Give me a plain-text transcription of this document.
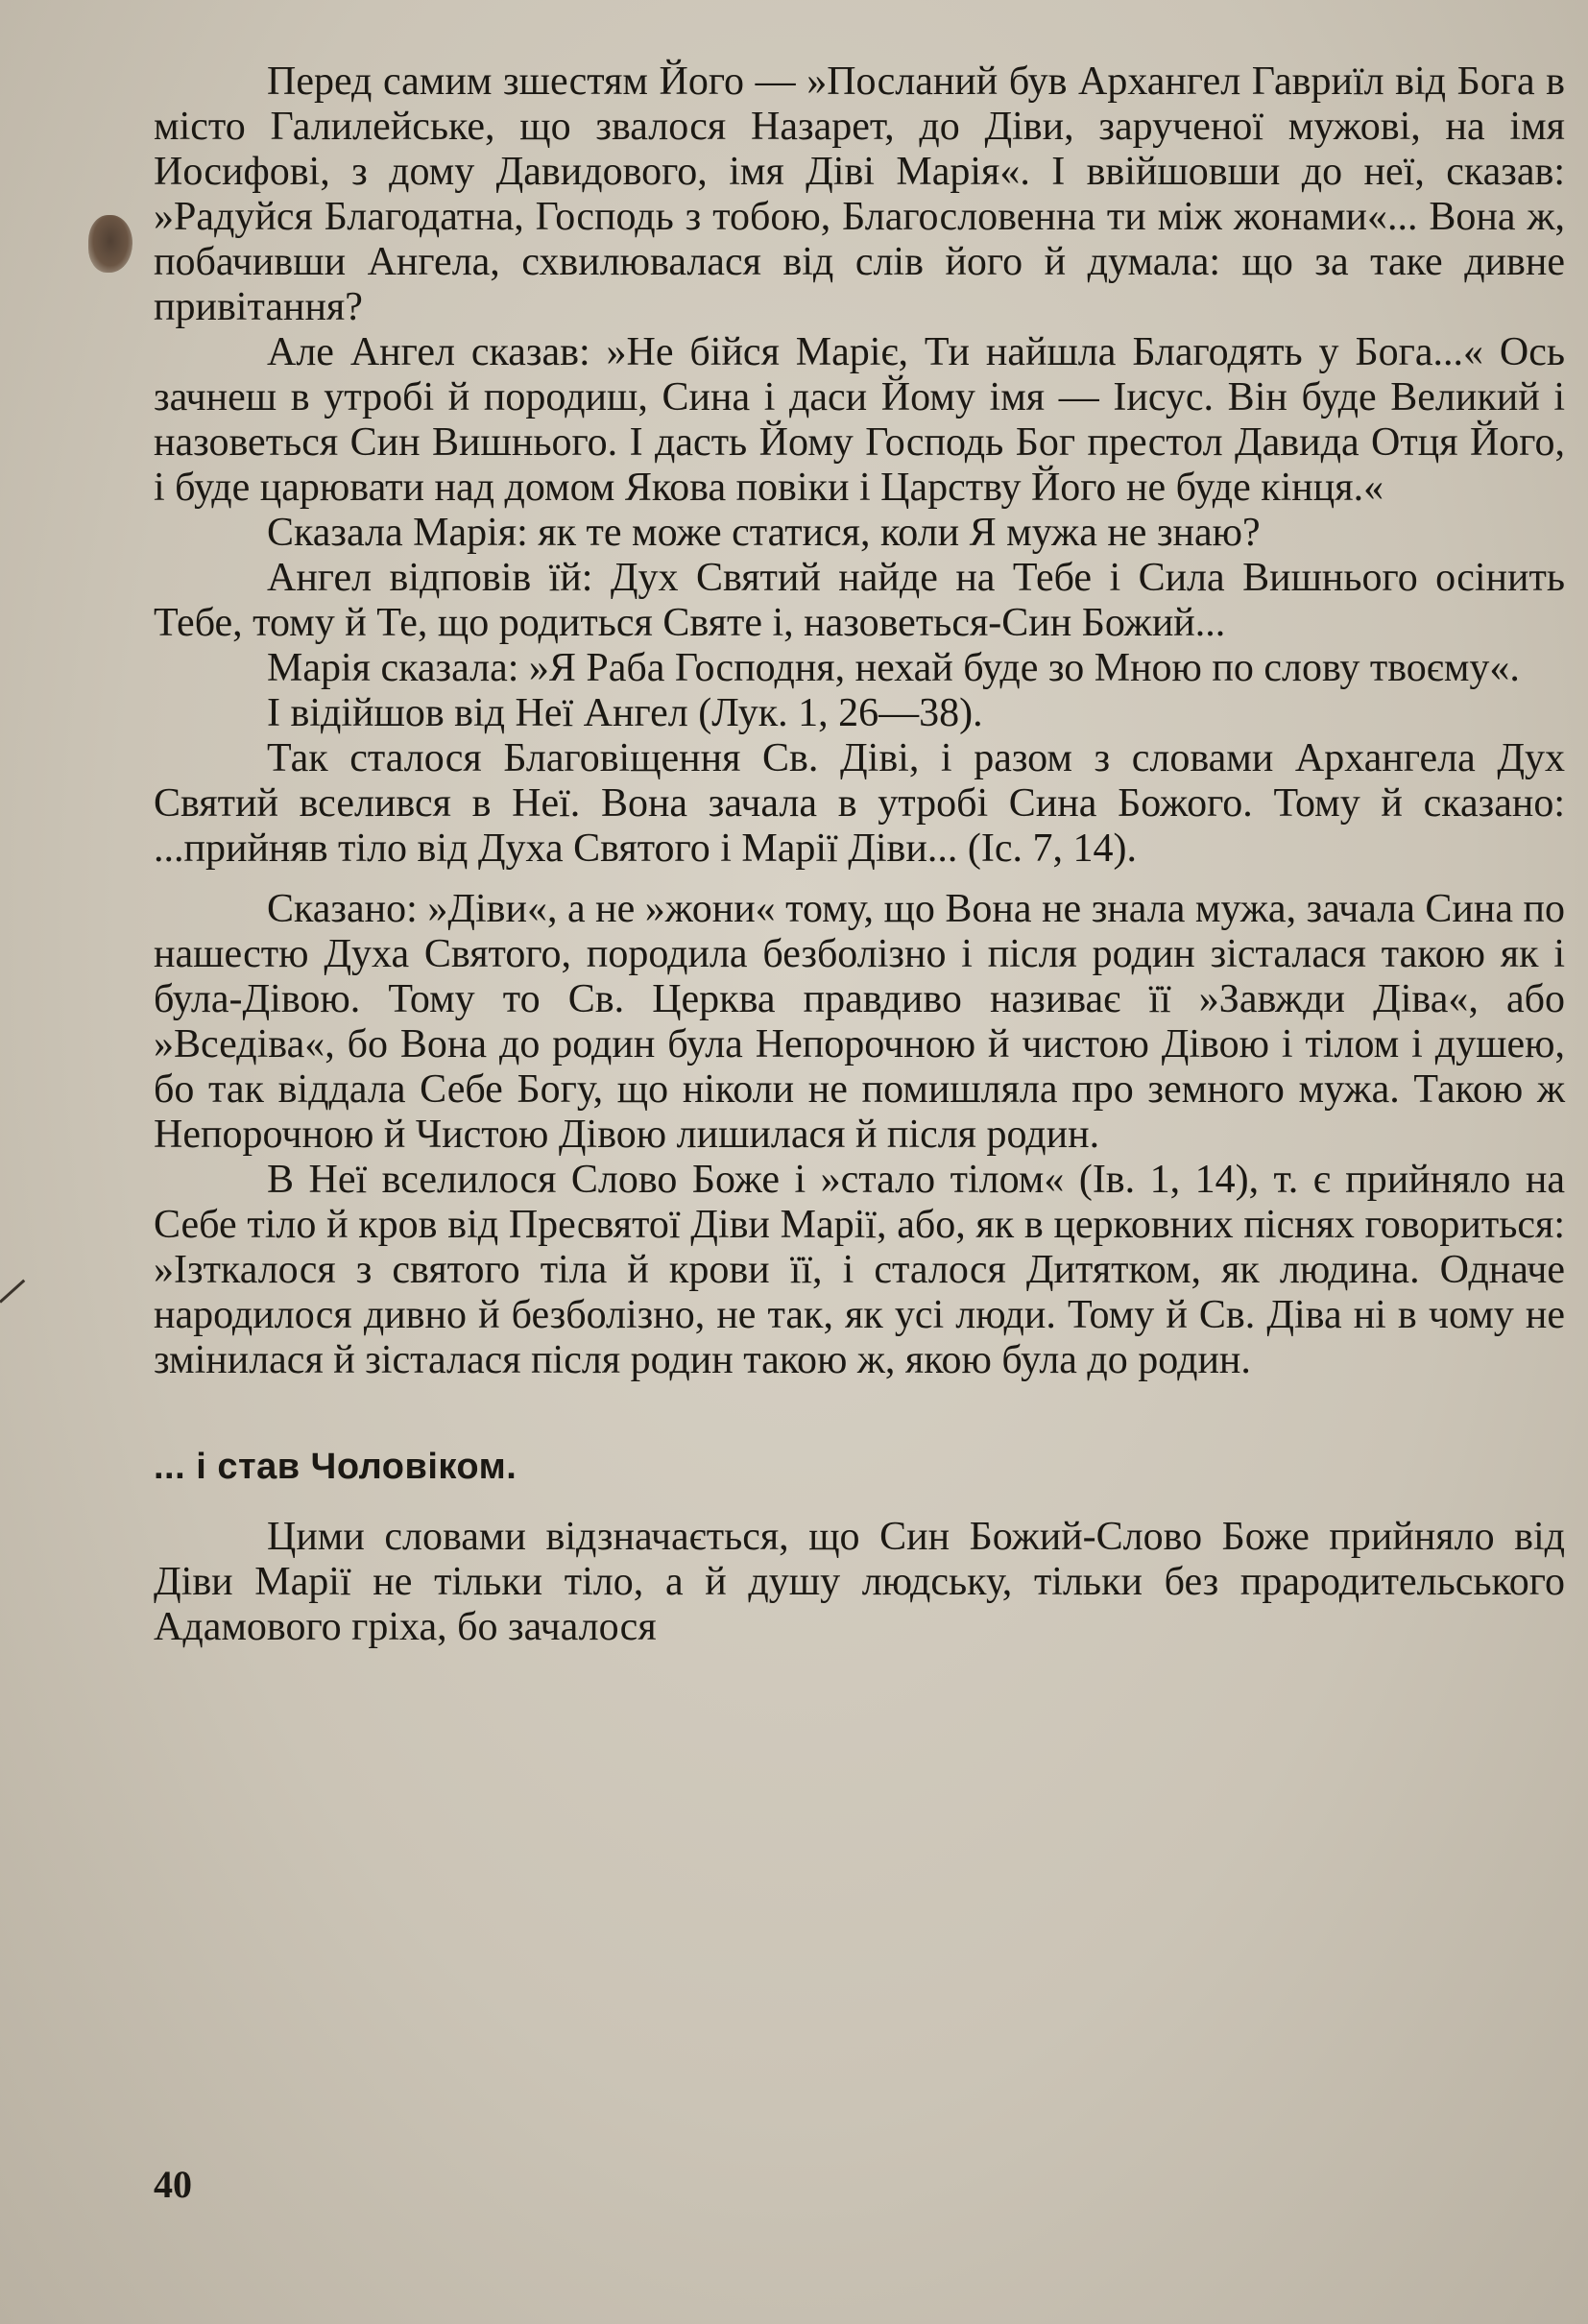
Перед самим зшестям Його — »Посланий був Архангел Гавриїл від Бога в місто Галилейське, що звалося Назарет, до Діви, зарученої мужові, на імя Иосифові, з дому Давидового, імя Діві Марія«. І ввійшовши до неї, сказав: »Радуйся Благодатна, Господь з тобою, Благословенна ти між жонами«... Вона ж, побачивши Ангела, схвилювалася від слів його й думала: що за таке дивне привітання?

Але Ангел сказав: »Не бійся Маріє, Ти найшла Благодять у Бога...« Ось зачнеш в утробі й породиш, Сина і даси Йому імя — Іисус. Він буде Великий і назоветься Син Вишнього. І дасть Йому Господь Бог престол Давида Отця Його, і буде царювати над домом Якова повіки і Царству Його не буде кінця.«

Сказала Марія: як те може статися, коли Я мужа не знаю?

Ангел відповів їй: Дух Святий найде на Тебе і Сила Вишнього осінить Тебе, тому й Те, що родиться Святе і, назоветься-Син Божий...

Марія сказала: »Я Раба Господня, нехай буде зо Мною по слову твоєму«.

І відійшов від Неї Ангел (Лук. 1, 26—38).

Так сталося Благовіщення Св. Діві, і разом з словами Архангела Дух Святий вселився в Неї. Вона зачала в утробі Сина Божого. Тому й сказано: ...прийняв тіло від Духа Святого і Марії Діви... (Іс. 7, 14).

Сказано: »Діви«, а не »жони« тому, що Вона не знала мужа, зачала Сина по нашестю Духа Святого, породила безболізно і після родин зісталася такою як і була-Дівою. Тому то Св. Церква правдиво називає її »Завжди Діва«, або »Вседіва«, бо Вона до родин була Непорочною й чистою Дівою і тілом і душею, бо так віддала Себе Богу, що ніколи не помишляла про земного мужа. Такою ж Непорочною й Чистою Дівою лишилася й після родин.

В Неї вселилося Слово Боже і »стало тілом« (Ів. 1, 14), т. є прийняло на Себе тіло й кров від Пресвятої Діви Марії, або, як в церковних піснях говориться: »Ізткалося з святого тіла й крови її, і сталося Дитятком, як людина. Одначе народилося дивно й безболізно, не так, як усі люди. Тому й Св. Діва ні в чому не змінилася й зісталася після родин такою ж, якою була до родин.

... і став Чоловіком.

Цими словами відзначається, що Син Божий-Слово Боже прийняло від Діви Марії не тільки тіло, а й душу людську, тільки без прародительського Адамового гріха, бо зачалося

40
